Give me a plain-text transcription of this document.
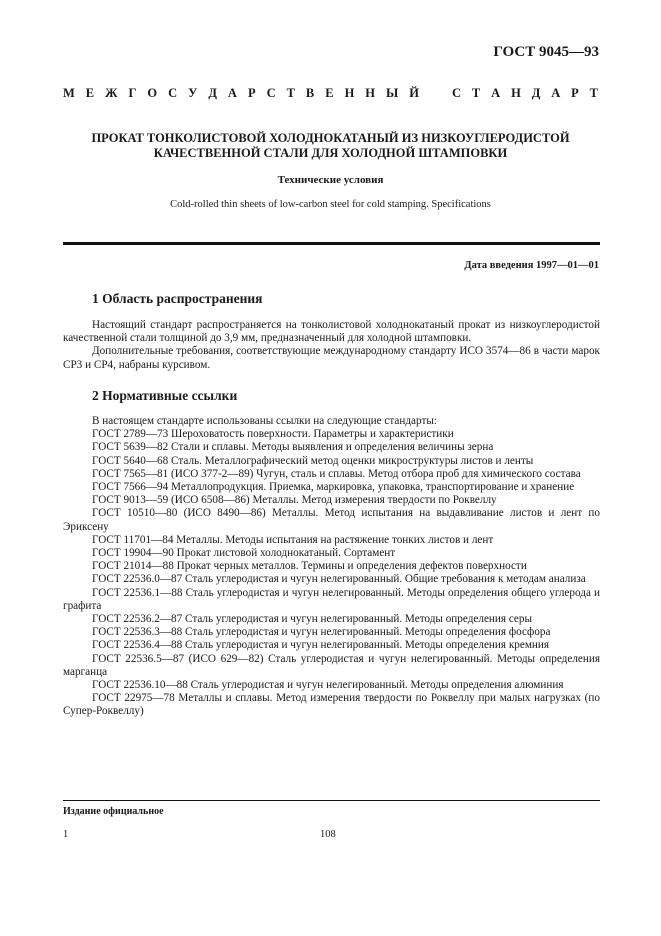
ГОСТ 9045—93
М Е Ж Г О С У Д А Р С Т В Е Н Н Ы Й	С Т А Н Д А Р Т
ПРОКАТ ТОНКОЛИСТОВОЙ ХОЛОДНОКАТАНЫЙ ИЗ НИЗКОУГЛЕРОДИСТОЙ
КАЧЕСТВЕННОЙ СТАЛИ ДЛЯ ХОЛОДНОЙ ШТАМПОВКИ
Технические условия
Cold-rolled thin sheets of low-carbon steel for cold stamping. Specifications
Дата введения 1997—01—01
1 Область распространения

Настоящий стандарт распространяется на тонколистовой холоднокатаный прокат из низкоуглеродистой качественной стали толщиной до 3,9 мм, предназначенный для холодной штамповки.

Дополнительные требования, соответствующие международному стандарту ИСО 3574—86 в части марок СР3 и СР4, набраны курсивом.

2 Нормативные ссылки

В настоящем стандарте использованы ссылки на следующие стандарты:

ГОСТ 2789—73 Шероховатость поверхности. Параметры и характеристики
ГОСТ 5639—82 Стали и сплавы. Методы выявления и определения величины зерна
ГОСТ 5640—68 Сталь. Металлографический метод оценки микроструктуры листов и ленты
ГОСТ 7565—81 (ИСО 377-2—89) Чугун, сталь и сплавы. Метод отбора проб для химического состава
ГОСТ 7566—94 Металлопродукция. Приемка, маркировка, упаковка, транспортирование и хранение
ГОСТ 9013—59 (ИСО 6508—86) Металлы. Метод измерения твердости по Роквеллу
ГОСТ 10510—80 (ИСО 8490—86) Металлы. Метод испытания на выдавливание листов и лент по Эриксену
ГОСТ 11701—84 Металлы. Методы испытания на растяжение тонких листов и лент
ГОСТ 19904—90 Прокат листовой холоднокатаный. Сортамент
ГОСТ 21014—88 Прокат черных металлов. Термины и определения дефектов поверхности
ГОСТ 22536.0—87 Сталь углеродистая и чугун нелегированный. Общие требования к методам анализа
ГОСТ 22536.1—88 Сталь углеродистая и чугун нелегированный. Методы определения общего углерода и графита
ГОСТ 22536.2—87 Сталь углеродистая и чугун нелегированный. Методы определения серы
ГОСТ 22536.3—88 Сталь углеродистая и чугун нелегированный. Методы определения фосфора
ГОСТ 22536.4—88 Сталь углеродистая и чугун нелегированный. Методы определения кремния
ГОСТ 22536.5—87 (ИСО 629—82) Сталь углеродистая и чугун нелегированный. Методы определения марганца
ГОСТ 22536.10—88 Сталь углеродистая и чугун нелегированный. Методы определения алюминия
ГОСТ 22975—78 Металлы и сплавы. Метод измерения твердости по Роквеллу при малых нагрузках (по Супер-Роквеллу)
Издание официальное
1	108
